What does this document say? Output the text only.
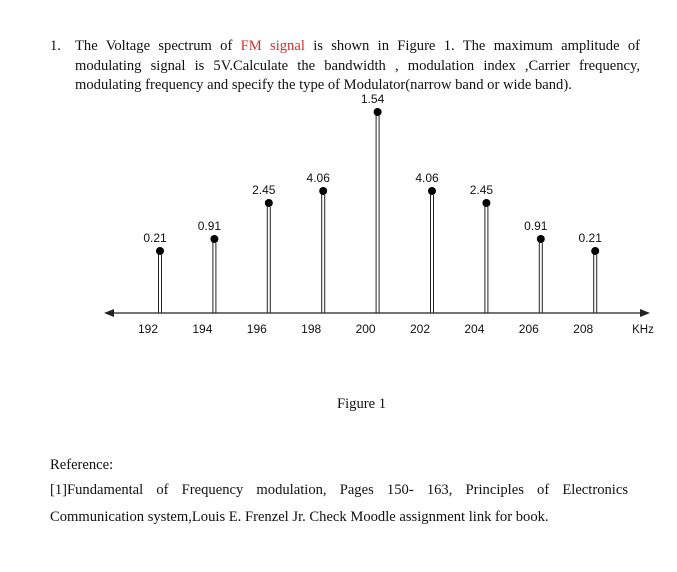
1. The Voltage spectrum of FM signal is shown in Figure 1. The maximum amplitude of modulating signal is 5V.Calculate the bandwidth , modulation index ,Carrier frequency, modulating frequency and specify the type of Modulator(narrow band or wide band).
0.21
192
0.91
194
2.45
196
4.06
198
1.54
200
4.06
202
2.45
204
0.91
206
0.21
208	KHz
Figure 1
Reference:
[1]Fundamental of Frequency modulation, Pages 150- 163, Principles of Electronics Communication system,Louis E. Frenzel Jr. Check Moodle assignment link for book.
